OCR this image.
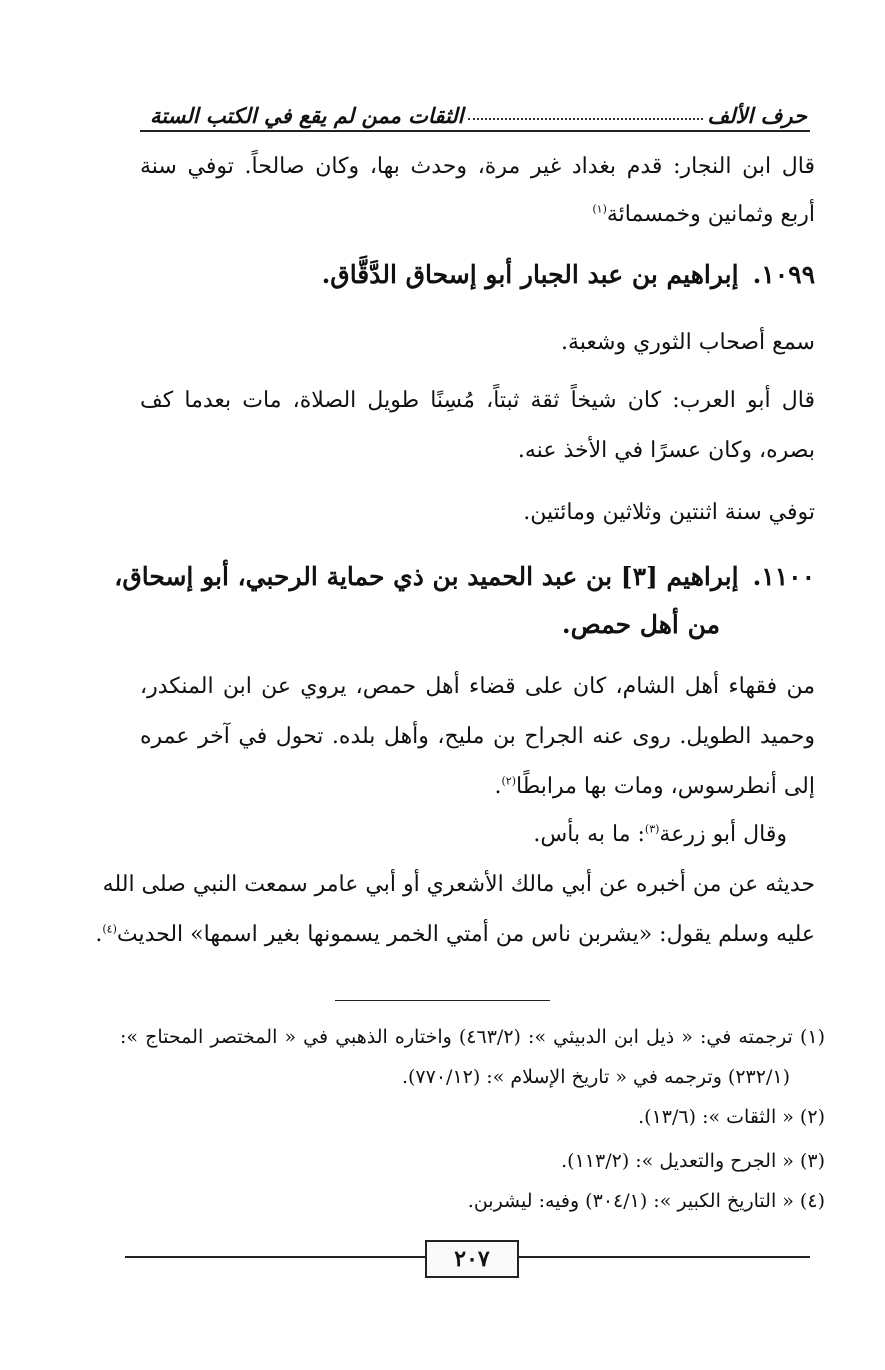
حرف الألف
الثقات ممن لم يقع في الكتب الستة
قال ابن النجار: قدم بغداد غير مرة، وحدث بها، وكان صالحاً. توفي سنة
أربع وثمانين وخمسمائة$^{(١)}$
١٠٩٩.إبراهيم بن عبد الجبار أبو إسحاق الدَّقَّاق.
سمع أصحاب الثوري وشعبة.
قال أبو العرب: كان شيخاً ثقة ثبتاً، مُسِنًا طويل الصلاة، مات بعدما كف
بصره، وكان عسرًا في الأخذ عنه.
توفي سنة اثنتين وثلاثين ومائتين.
١١٠٠.إبراهيم [٣] بن عبد الحميد بن ذي حماية الرحبي، أبو إسحاق،
من أهل حمص.
من فقهاء أهل الشام، كان على قضاء أهل حمص، يروي عن ابن المنكدر،
وحميد الطويل. روى عنه الجراح بن مليح، وأهل بلده. تحول في آخر عمره
إلى أنطرسوس، ومات بها مرابطًا$^{(٢)}$.
وقال أبو زرعة$^{(٣)}$: ما به بأس.
حديثه عن من أخبره عن أبي مالك الأشعري أو أبي عامر سمعت النبي صلى الله
عليه وسلم يقول: «يشربن ناس من أمتي الخمر يسمونها بغير اسمها» الحديث$^{(٤)}$.
(١) ترجمته في: « ذيل ابن الدبيثي »: (٤٦٣/٢) واختاره الذهبي في « المختصر المحتاج »:
(٢٣٢/١) وترجمه في « تاريخ الإسلام »: (٧٧٠/١٢).
(٢) « الثقات »: (١٣/٦).
(٣) « الجرح والتعديل »: (١١٣/٢).
(٤) « التاريخ الكبير »: (٣٠٤/١) وفيه: ليشربن.
٢٠٧
